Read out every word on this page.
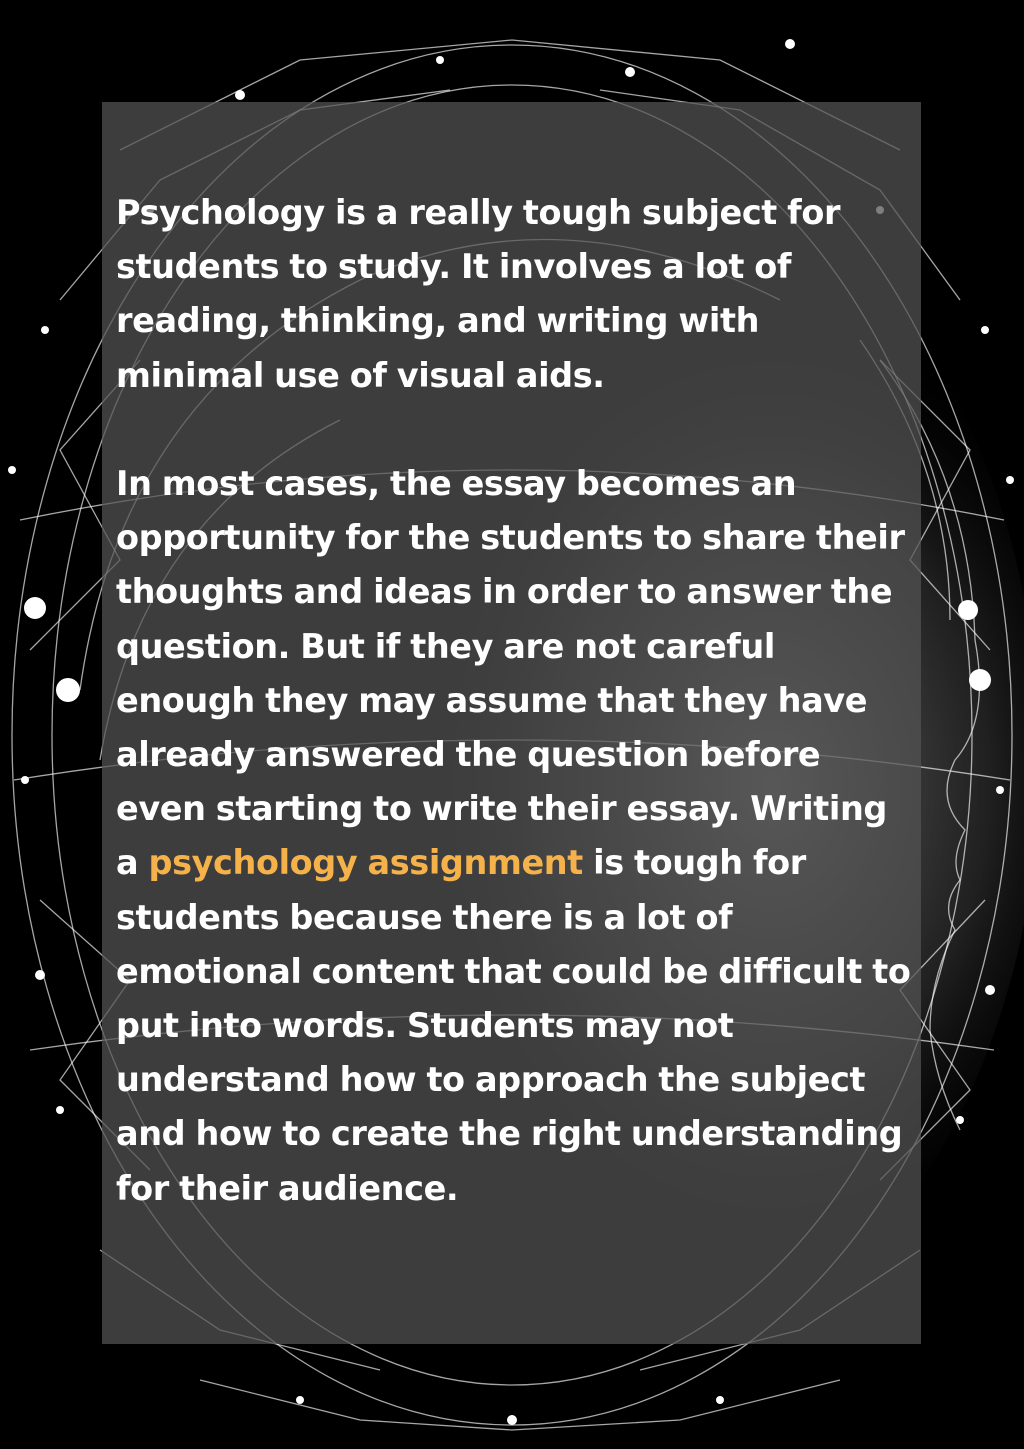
Psychology is a really tough subject for students to study. It involves a lot of reading, thinking, and writing with minimal use of visual aids.

In most cases, the essay becomes an opportunity for the students to share their thoughts and ideas in order to answer the question. But if they are not careful enough they may assume that they have already answered the question before even starting to write their essay. Writing a psychology assignment is tough for students because there is a lot of emotional content that could be difficult to put into words. Students may not understand how to approach the subject and how to create the right understanding for their audience.
